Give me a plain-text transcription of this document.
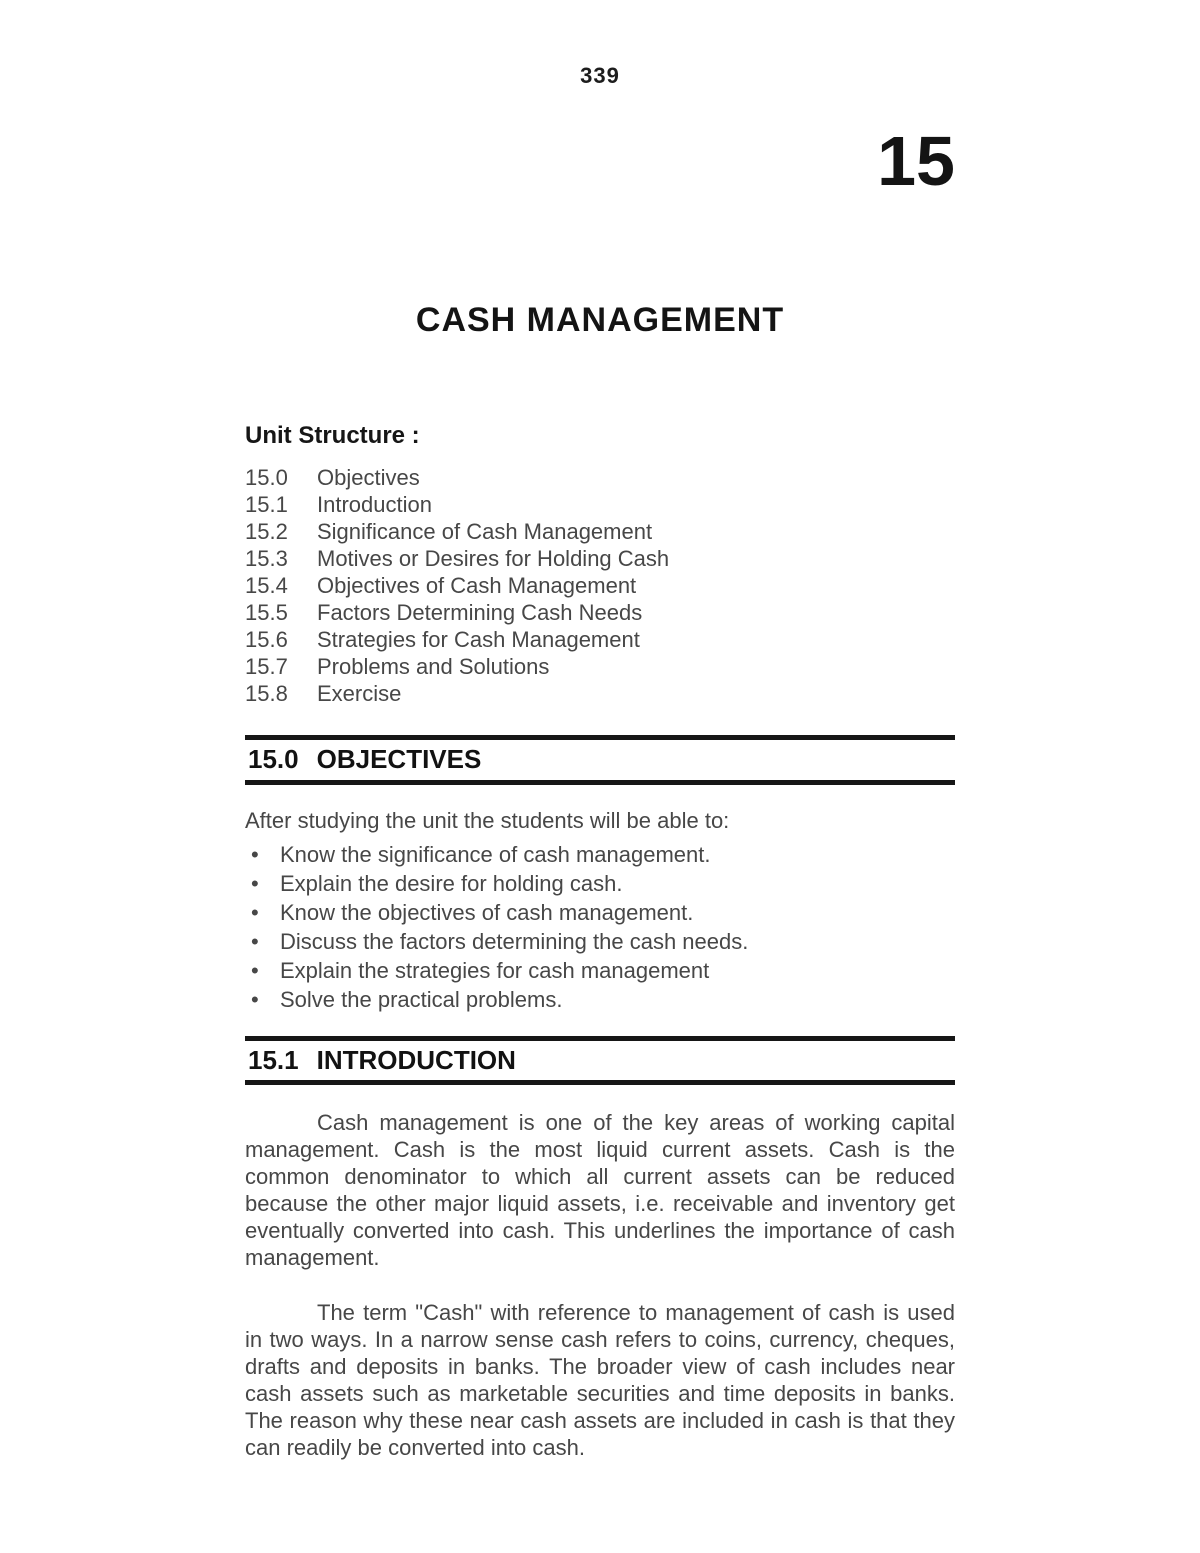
339
15
CASH MANAGEMENT
Unit Structure :
15.0	Objectives
15.1	Introduction
15.2	Significance of Cash Management
15.3	Motives or Desires for Holding Cash
15.4	Objectives of Cash Management
15.5	Factors Determining Cash Needs
15.6	Strategies for Cash Management
15.7	Problems and Solutions
15.8	Exercise
15.0 OBJECTIVES

After studying the unit the students will be able to:

• Know the significance of cash management.
• Explain the desire for holding cash.
• Know the objectives of cash management.
• Discuss the factors determining the cash needs.
• Explain the strategies for cash management
• Solve the practical problems.
15.1 INTRODUCTION

Cash management is one of the key areas of working capital management. Cash is the most liquid current assets. Cash is the common denominator to which all current assets can be reduced because the other major liquid assets, i.e. receivable and inventory get eventually converted into cash. This underlines the importance of cash management.

The term "Cash" with reference to management of cash is used in two ways. In a narrow sense cash refers to coins, currency, cheques, drafts and deposits in banks. The broader view of cash includes near cash assets such as marketable securities and time deposits in banks. The reason why these near cash assets are included in cash is that they can readily be converted into cash.
